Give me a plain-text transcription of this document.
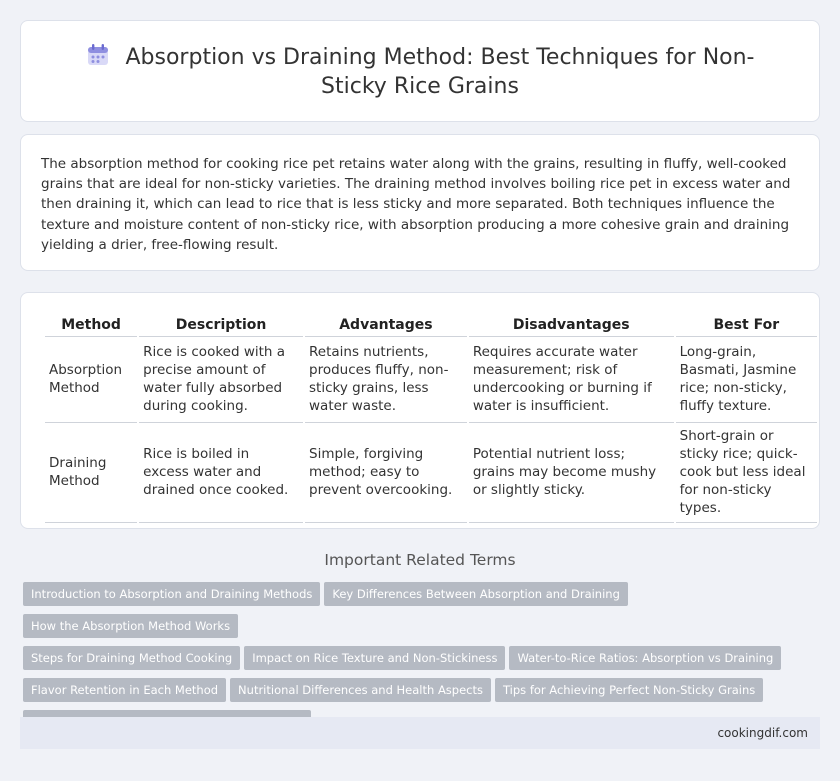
Absorption vs Draining Method: Best Techniques for Non-Sticky Rice Grains

The absorption method for cooking rice pet retains water along with the grains, resulting in fluffy, well-cooked grains that are ideal for non-sticky varieties. The draining method involves boiling rice pet in excess water and then draining it, which can lead to rice that is less sticky and more separated. Both techniques influence the texture and moisture content of non-sticky rice, with absorption producing a more cohesive grain and draining yielding a drier, free-flowing result.

Method	Description	Advantages	Disadvantages	Best For
Absorption Method	Rice is cooked with a precise amount of water fully absorbed during cooking.	Retains nutrients, produces fluffy, non-sticky grains, less water waste.	Requires accurate water measurement; risk of undercooking or burning if water is insufficient.	Long-grain, Basmati, Jasmine rice; non-sticky, fluffy texture.
Draining Method	Rice is boiled in excess water and drained once cooked.	Simple, forgiving method; easy to prevent overcooking.	Potential nutrient loss; grains may become mushy or slightly sticky.	Short-grain or sticky rice; quick-cook but less ideal for non-sticky types.
Important Related Terms
Introduction to Absorption and Draining Methods Key Differences Between Absorption and DrainingHow the Absorption Method Works
Steps for Draining Method Cooking Impact on Rice Texture and Non-Stickiness Water-to-Rice Ratios: Absorption vs Draining
Flavor Retention in Each Method Nutritional Differences and Health Aspects Tips for Achieving Perfect Non-Sticky Grains

cookingdif.com
